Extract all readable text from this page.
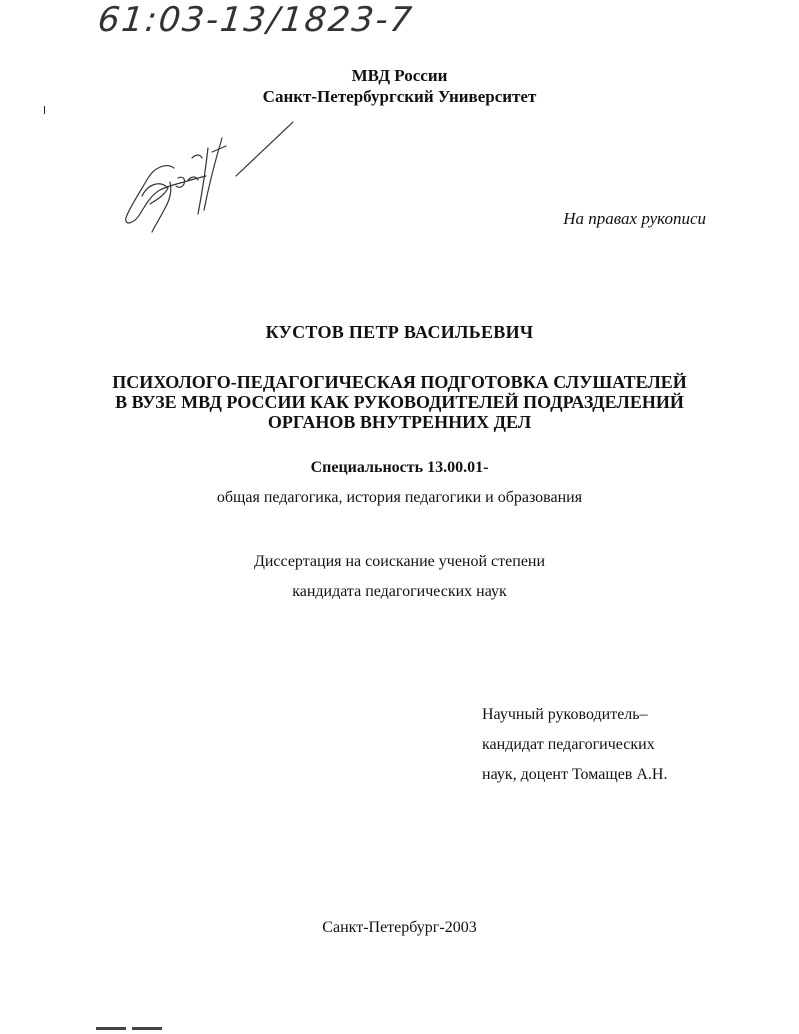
61:03-13/1823-7
МВД России
Санкт-Петербургский Университет
На правах рукописи
КУСТОВ ПЕТР ВАСИЛЬЕВИЧ
ПСИХОЛОГО-ПЕДАГОГИЧЕСКАЯ ПОДГОТОВКА СЛУШАТЕЛЕЙ
В ВУЗЕ МВД РОССИИ КАК РУКОВОДИТЕЛЕЙ ПОДРАЗДЕЛЕНИЙ
ОРГАНОВ ВНУТРЕННИХ ДЕЛ
Специальность 13.00.01-
общая педагогика, история педагогики и образования
Диссертация на соискание ученой степени
кандидата педагогических наук
Научный руководитель–
кандидат педагогических
наук, доцент Томащев А.Н.
Санкт-Петербург-2003
